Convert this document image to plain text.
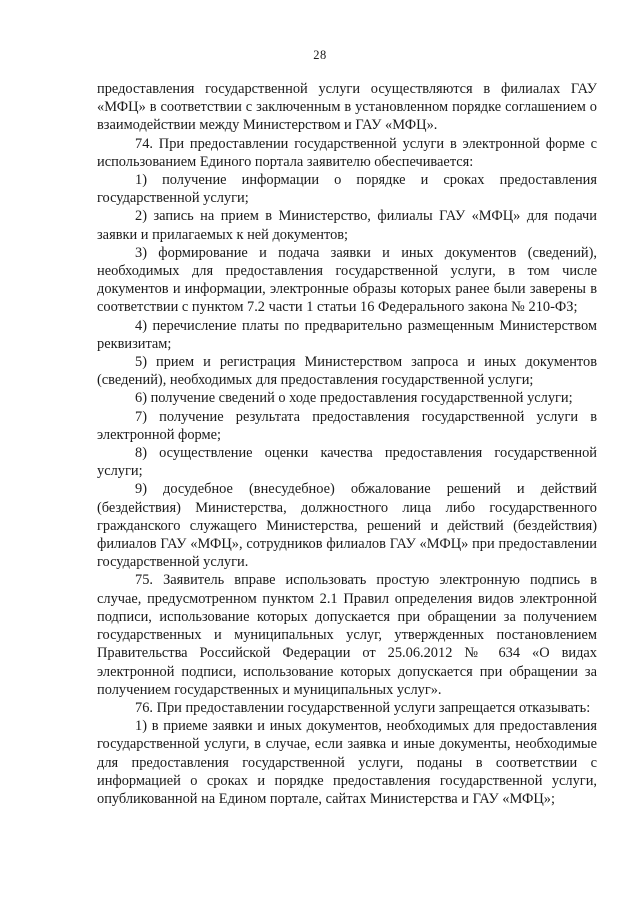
28

предоставления государственной услуги осуществляются в филиалах ГАУ «МФЦ» в соответствии с заключенным в установленном порядке соглашением о взаимодействии между Министерством и ГАУ «МФЦ».

74. При предоставлении государственной услуги в электронной форме с использованием Единого портала заявителю обеспечивается:

1) получение информации о порядке и сроках предоставления государственной услуги;

2) запись на прием в Министерство, филиалы ГАУ «МФЦ» для подачи заявки и прилагаемых к ней документов;

3) формирование и подача заявки и иных документов (сведений), необходимых для предоставления государственной услуги, в том числе документов и информации, электронные образы которых ранее были заверены в соответствии с пунктом 7.2 части 1 статьи 16 Федерального закона № 210-ФЗ;

4) перечисление платы по предварительно размещенным Министерством реквизитам;

5) прием и регистрация Министерством запроса и иных документов (сведений), необходимых для предоставления государственной услуги;

6) получение сведений о ходе предоставления государственной услуги;

7) получение результата предоставления государственной услуги в электронной форме;

8) осуществление оценки качества предоставления государственной услуги;

9) досудебное (внесудебное) обжалование решений и действий (бездействия) Министерства, должностного лица либо государственного гражданского служащего Министерства, решений и действий (бездействия) филиалов ГАУ «МФЦ», сотрудников филиалов ГАУ «МФЦ» при предоставлении государственной услуги.

75. Заявитель вправе использовать простую электронную подпись в случае, предусмотренном пунктом 2.1 Правил определения видов электронной подписи, использование которых допускается при обращении за получением государственных и муниципальных услуг, утвержденных постановлением Правительства Российской Федерации от 25.06.2012 № 634 «О видах электронной подписи, использование которых допускается при обращении за получением государственных и муниципальных услуг».

76. При предоставлении государственной услуги запрещается отказывать:

1) в приеме заявки и иных документов, необходимых для предоставления государственной услуги, в случае, если заявка и иные документы, необходимые для предоставления государственной услуги, поданы в соответствии с информацией о сроках и порядке предоставления государственной услуги, опубликованной на Едином портале, сайтах Министерства и ГАУ «МФЦ»;
